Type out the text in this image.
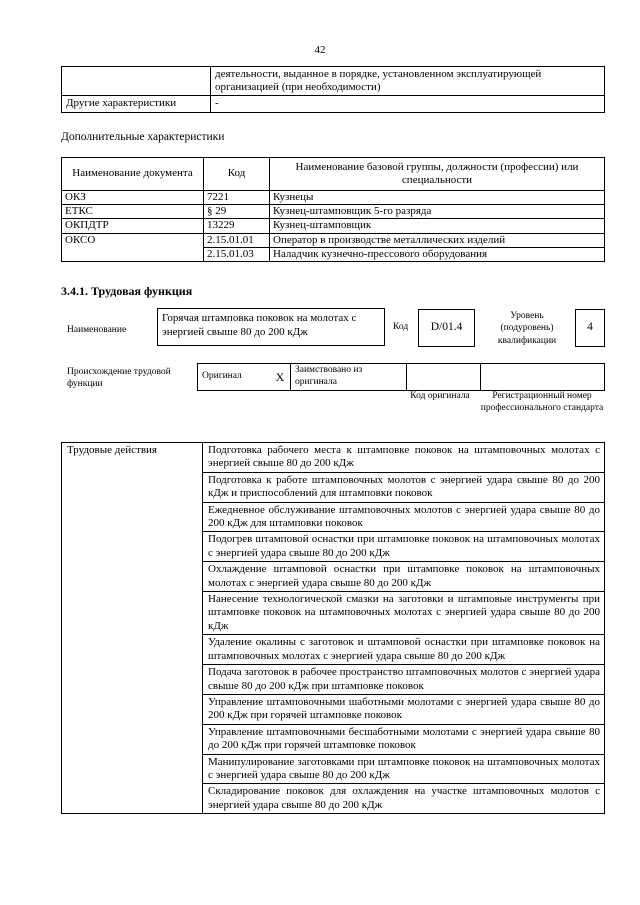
42
	деятельности, выданное в порядке, установленном эксплуатирующей организацией (при необходимости)
Другие характеристики	-
Дополнительные характеристики
Наименование документа	Код	Наименование базовой группы, должности (профессии) или специальности
ОКЗ	7221	Кузнецы
ЕТКС	§ 29	Кузнец-штамповщик 5-го разряда
ОКПДТР	13229	Кузнец-штамповщик
ОКСО	2.15.01.01	Оператор в производстве металлических изделий
	2.15.01.03	Наладчик кузнечно-прессового оборудования
3.4.1. Трудовая функция
Наименование
Горячая штамповка поковок на молотах с энергией свыше 80 до 200 кДж	Код	D/01.4
Уровень (подуровень) квалификации
4
Происхождение трудовой функции
Оригинал	X	Заимствовано из оригинала		
Код оригинала	Регистрационный номер профессионального стандарта
Трудовые действия	Подготовка рабочего места к штамповке поковок на штамповочных молотах с энергией свыше 80 до 200 кДж
Подготовка к работе штамповочных молотов с энергией удара свыше 80 до 200 кДж и приспособлений для штамповки поковок
Ежедневное обслуживание штамповочных молотов с энергией удара свыше 80 до 200 кДж для штамповки поковок
Подогрев штамповой оснастки при штамповке поковок на штамповочных молотах с энергией удара свыше 80 до 200 кДж
Охлаждение штамповой оснастки при штамповке поковок на штамповочных молотах с энергией удара свыше 80 до 200 кДж
Нанесение технологической смазки на заготовки и штамповые инструменты при штамповке поковок на штамповочных молотах с энергией удара свыше 80 до 200 кДж
Удаление окалины с заготовок и штамповой оснастки при штамповке поковок на штамповочных молотах с энергией удара свыше 80 до 200 кДж
Подача заготовок в рабочее пространство штамповочных молотов с энергией удара свыше 80 до 200 кДж при штамповке поковок
Управление штамповочными шаботными молотами с энергией удара свыше 80 до 200 кДж при горячей штамповке поковок
Управление штамповочными бесшаботными молотами с энергией удара свыше 80 до 200 кДж при горячей штамповке поковок
Манипулирование заготовками при штамповке поковок на штамповочных молотах с энергией удара свыше 80 до 200 кДж
Складирование поковок для охлаждения на участке штамповочных молотов с энергией удара свыше 80 до 200 кДж
